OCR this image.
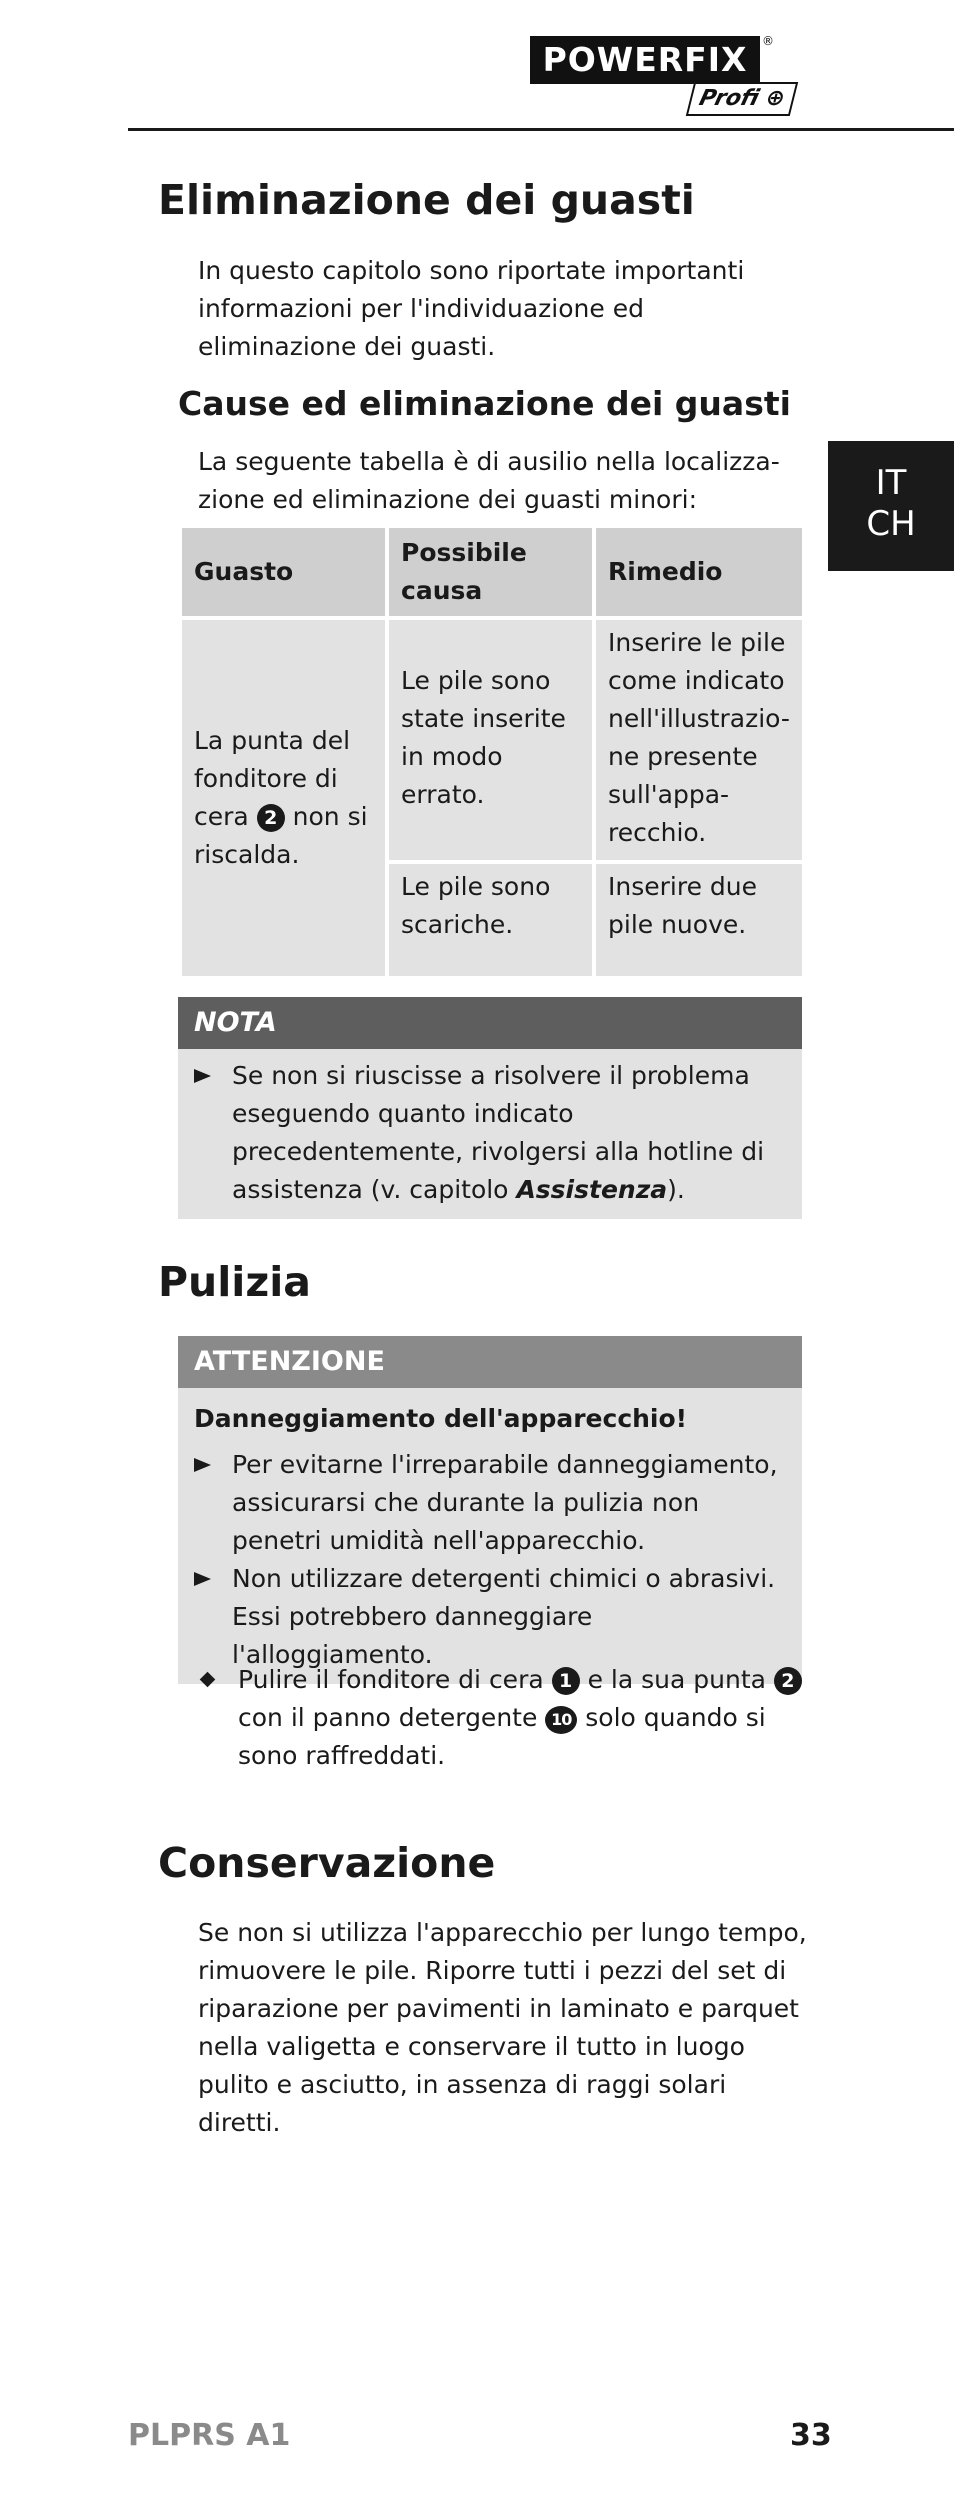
POWERFIX	®
Profi ⊕
IT
CH
Eliminazione dei guasti

In questo capitolo sono riportate importanti informazioni per l'individuazione ed eliminazione dei guasti.

Cause ed eliminazione dei guasti

La seguente tabella è di ausilio nella localizza-zione ed eliminazione dei guasti minori:

Guasto	Possibile causa	Rimedio
La punta del fonditore di cera 2 non si riscalda.	Le pile sono state inserite in modo errato.	Inserire le pile come indicato nell'illustrazio-ne presente sull'appa-recchio.
	Le pile sono scariche.	Inserire due pile nuove.
NOTA
Se non si riuscisse a risolvere il problema eseguendo quanto indicato precedentemente, rivolgersi alla hotline di assistenza (v. capitolo Assistenza).
Pulizia
ATTENZIONE
Danneggiamento dell'apparecchio!
Per evitarne l'irreparabile danneggiamento, assicurarsi che durante la pulizia non penetri umidità nell'apparecchio.
Non utilizzare detergenti chimici o abrasivi. Essi potrebbero danneggiare l'alloggiamento.
Pulire il fonditore di cera 1 e la sua punta 2 con il panno detergente 10 solo quando si sono raffreddati.
Conservazione

Se non si utilizza l'apparecchio per lungo tempo, rimuovere le pile. Riporre tutti i pezzi del set di riparazione per pavimenti in laminato e parquet nella valigetta e conservare il tutto in luogo pulito e asciutto, in assenza di raggi solari diretti.

PLPRS A1	33
